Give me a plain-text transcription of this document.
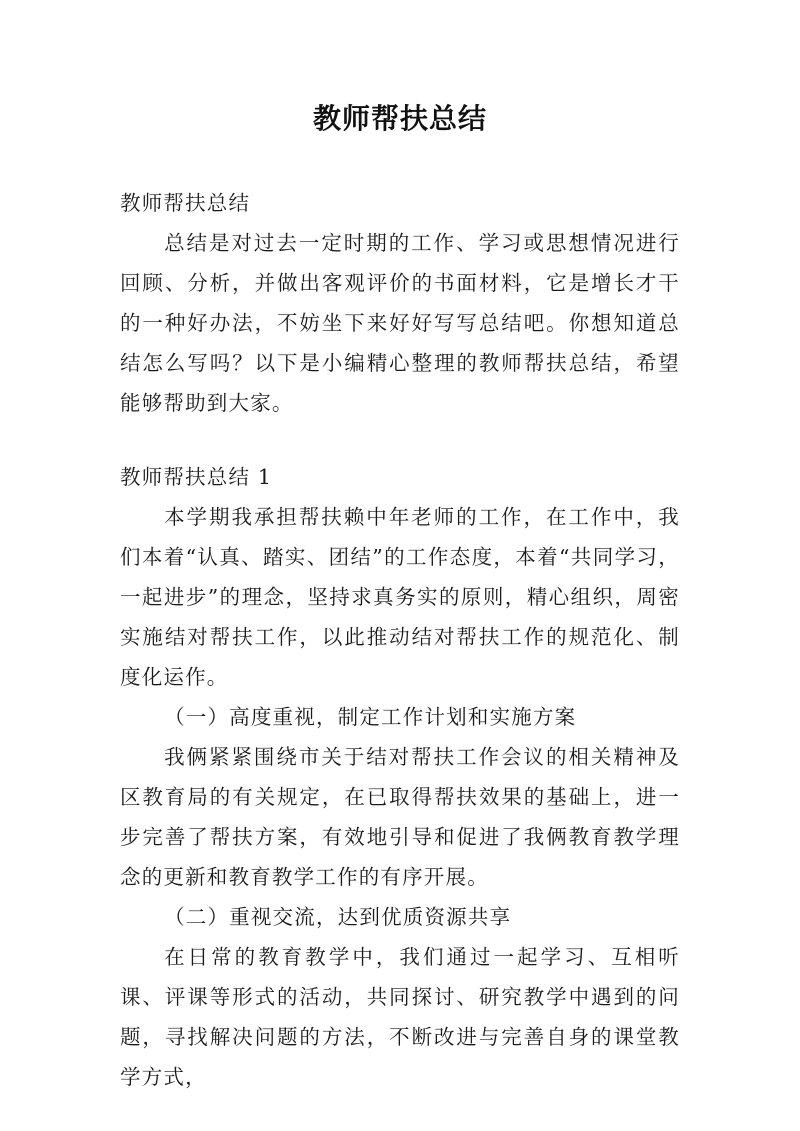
教师帮扶总结

教师帮扶总结

总结是对过去一定时期的工作、学习或思想情况进行回顾、分析，并做出客观评价的书面材料，它是增长才干的一种好办法，不妨坐下来好好写写总结吧。你想知道总结怎么写吗？以下是小编精心整理的教师帮扶总结，希望能够帮助到大家。

教师帮扶总结 1

本学期我承担帮扶赖中年老师的工作，在工作中，我们本着“认真、踏实、团结”的工作态度，本着“共同学习，一起进步”的理念，坚持求真务实的原则，精心组织，周密实施结对帮扶工作，以此推动结对帮扶工作的规范化、制度化运作。

（一）高度重视，制定工作计划和实施方案

我俩紧紧围绕市关于结对帮扶工作会议的相关精神及区教育局的有关规定，在已取得帮扶效果的基础上，进一步完善了帮扶方案，有效地引导和促进了我俩教育教学理念的更新和教育教学工作的有序开展。

（二）重视交流，达到优质资源共享

在日常的教育教学中，我们通过一起学习、互相听课、评课等形式的活动，共同探讨、研究教学中遇到的问题，寻找解决问题的方法，不断改进与完善自身的课堂教学方式，
